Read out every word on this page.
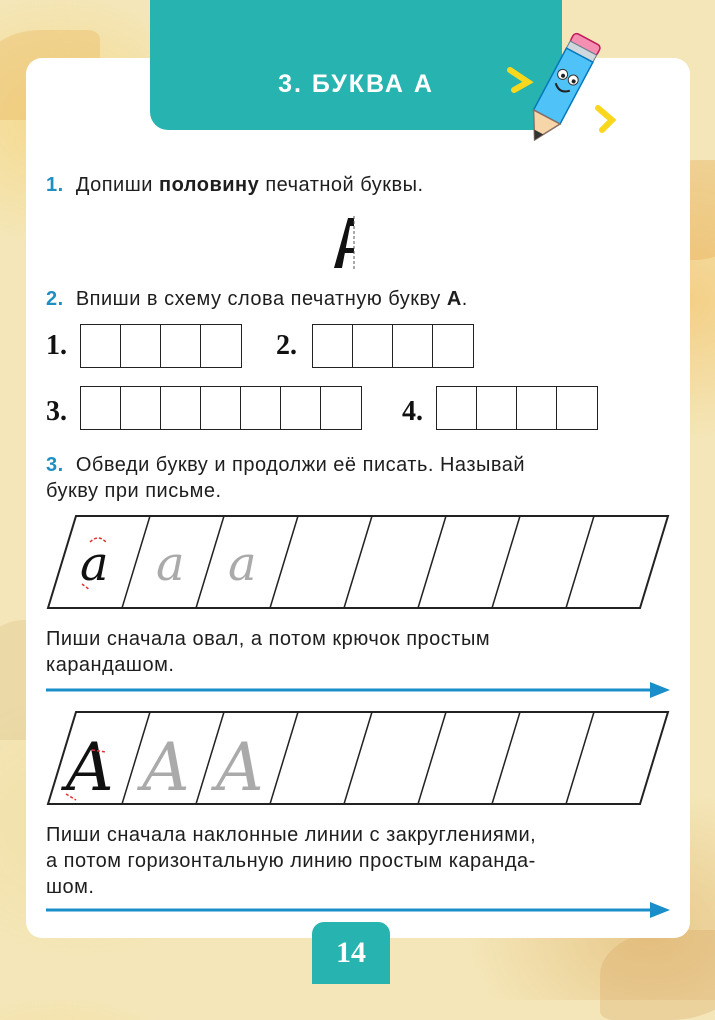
3. БУКВА А
1. Допиши половину печатной буквы.
2. Впиши в схему слова печатную букву А.
1.	2.
3.	4.
3. Обведи букву и продолжи её писать. Называй
букву при письме.
a a a
Пиши сначала овал, а потом крючок простым
карандашом.
A A A
Пиши сначала наклонные линии с закруглениями,
а потом горизонтальную линию простым каранда-
шом.
14
